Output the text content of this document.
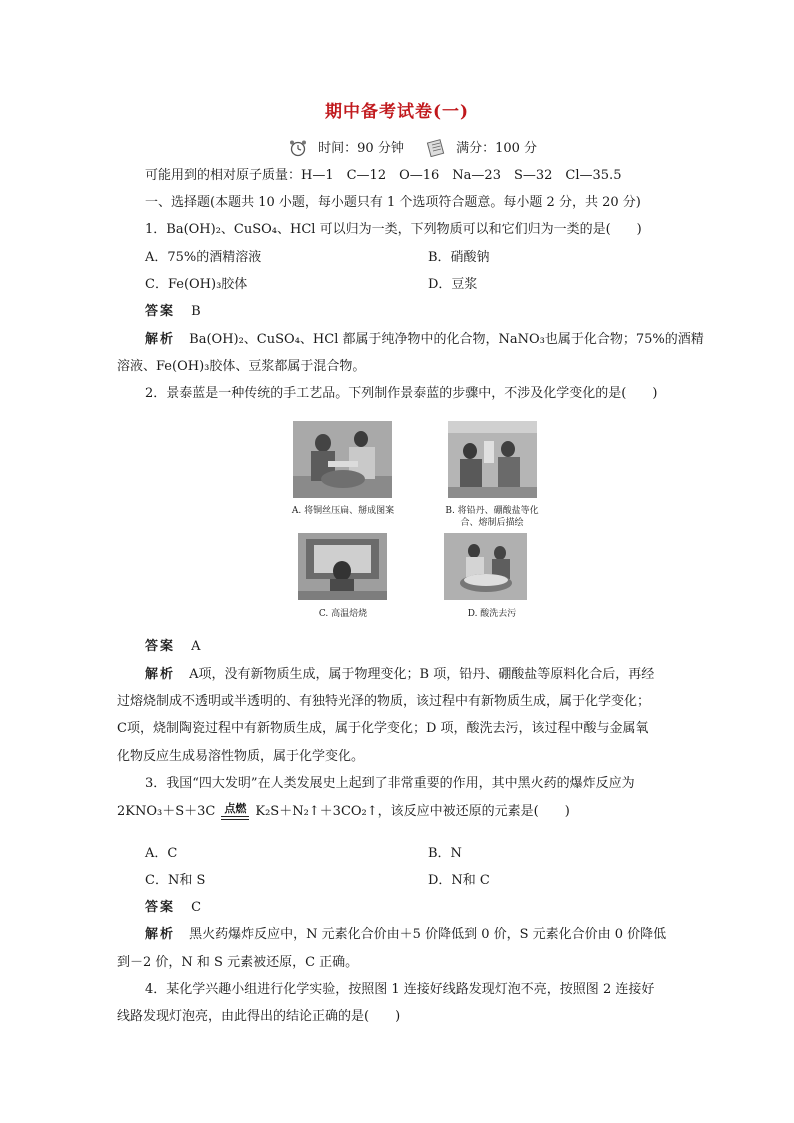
期中备考试卷(一)
时间：90 分钟	满分：100 分
可能用到的相对原子质量：H—1　C—12　O—16　Na—23　S—32　Cl—35.5
一、选择题(本题共 10 小题，每小题只有 1 个选项符合题意。每小题 2 分，共 20 分)
1．Ba(OH)₂、CuSO₄、HCl 可以归为一类，下列物质可以和它们归为一类的是(　　)
A．75%的酒精溶液	B．硝酸钠
C．Fe(OH)₃胶体	D．豆浆
答案 B
解析 Ba(OH)₂、CuSO₄、HCl 都属于纯净物中的化合物，NaNO₃也属于化合物；75%的酒精
溶液、Fe(OH)₃胶体、豆浆都属于混合物。
2．景泰蓝是一种传统的手工艺品。下列制作景泰蓝的步骤中，不涉及化学变化的是(　　)
A. 将铜丝压扁、掰成图案	B. 将铅丹、硼酸盐等化
合、熔制后描绘
C. 高温焙烧	D. 酸洗去污
答案 A
解析 A项，没有新物质生成，属于物理变化；B 项，铅丹、硼酸盐等原料化合后，再经
过熔烧制成不透明或半透明的、有独特光泽的物质，该过程中有新物质生成，属于化学变化；
C项，烧制陶瓷过程中有新物质生成，属于化学变化；D 项，酸洗去污，该过程中酸与金属氧
化物反应生成易溶性物质，属于化学变化。
3．我国“四大发明”在人类发展史上起到了非常重要的作用，其中黑火药的爆炸反应为
2KNO₃＋S＋3C 点燃 K₂S＋N₂↑＋3CO₂↑，该反应中被还原的元素是(　　)
A．C	B．N
C．N和 S	D．N和 C
答案 C
解析 黑火药爆炸反应中，N 元素化合价由＋5 价降低到 0 价，S 元素化合价由 0 价降低
到－2 价，N 和 S 元素被还原，C 正确。
4．某化学兴趣小组进行化学实验，按照图 1 连接好线路发现灯泡不亮，按照图 2 连接好
线路发现灯泡亮，由此得出的结论正确的是(　　)
